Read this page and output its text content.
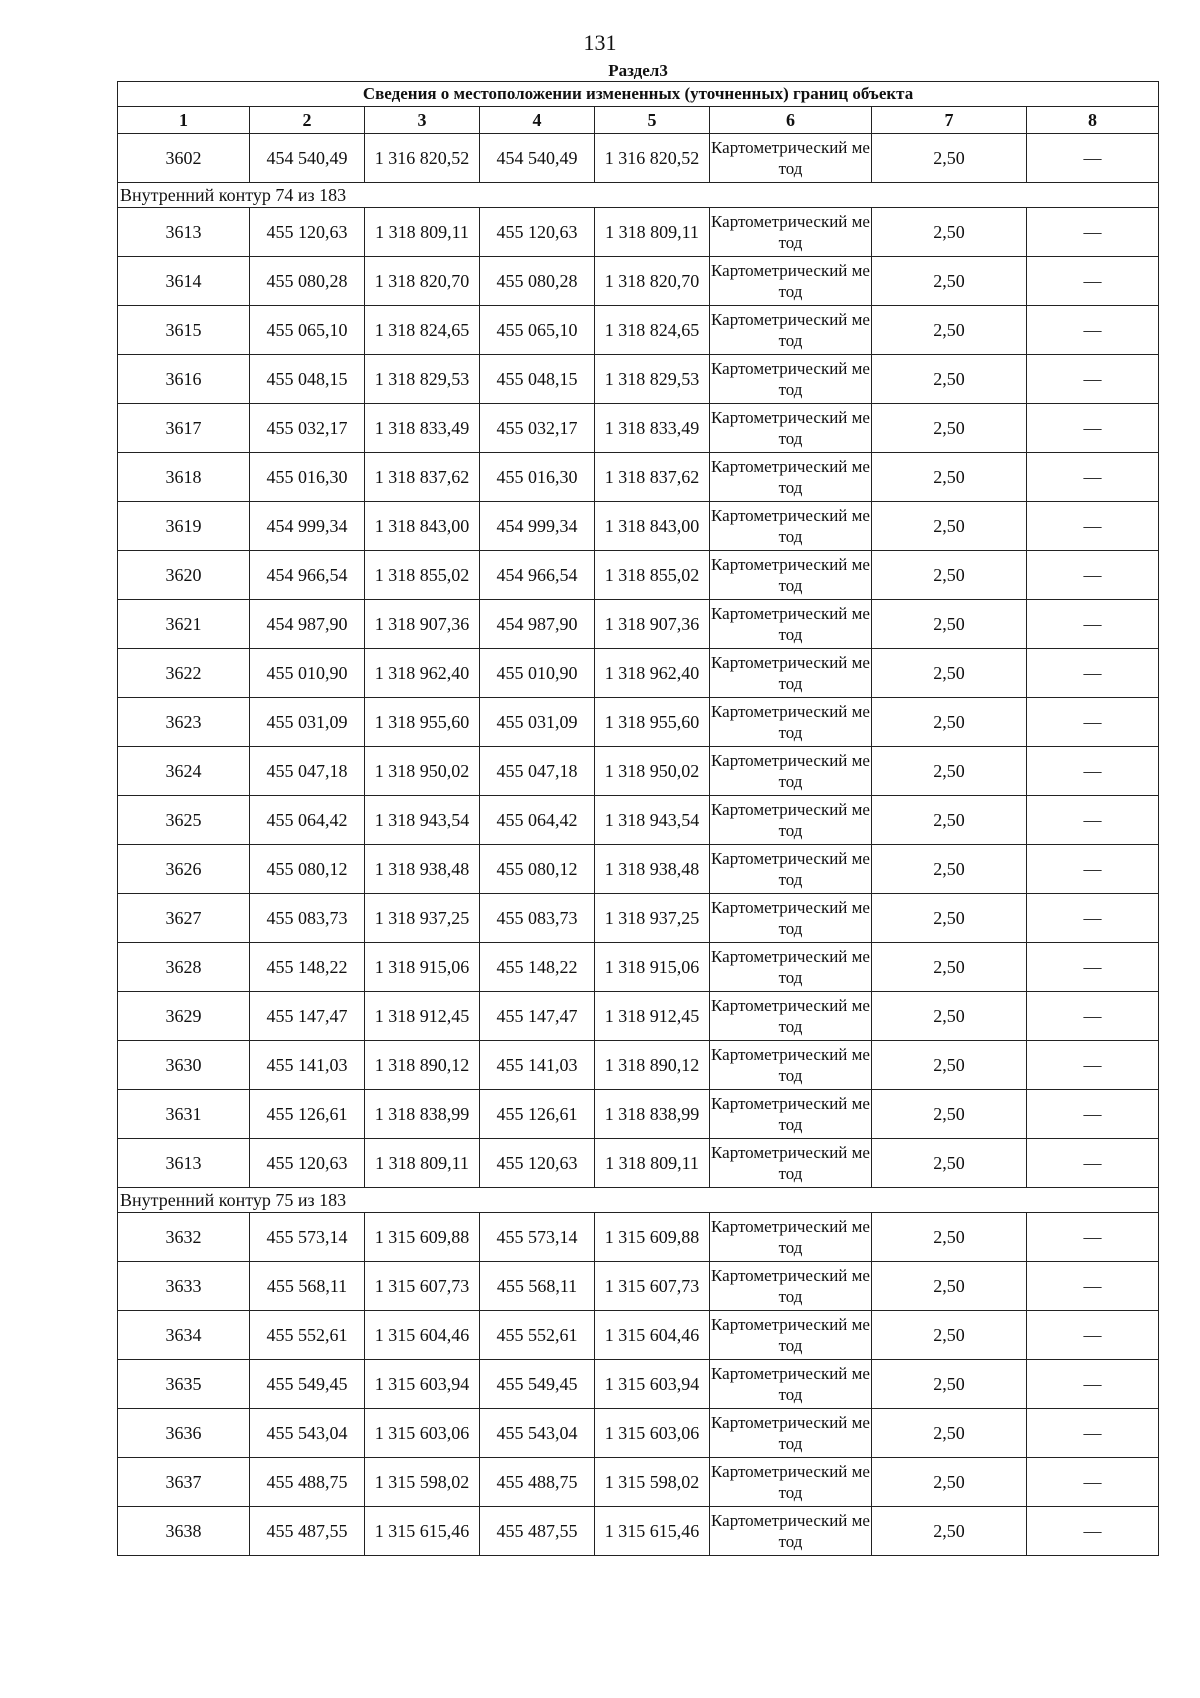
131
Раздел3							
Сведения о местоположении измененных (уточненных) границ объекта							
1	2	3	4	5	6	7	8
3602	454 540,49	1 316 820,52	454 540,49	1 316 820,52	Картометрический метод	2,50	—
Внутренний контур 74 из 183							
3613	455 120,63	1 318 809,11	455 120,63	1 318 809,11	Картометрический метод	2,50	—
3614	455 080,28	1 318 820,70	455 080,28	1 318 820,70	Картометрический метод	2,50	—
3615	455 065,10	1 318 824,65	455 065,10	1 318 824,65	Картометрический метод	2,50	—
3616	455 048,15	1 318 829,53	455 048,15	1 318 829,53	Картометрический метод	2,50	—
3617	455 032,17	1 318 833,49	455 032,17	1 318 833,49	Картометрический метод	2,50	—
3618	455 016,30	1 318 837,62	455 016,30	1 318 837,62	Картометрический метод	2,50	—
3619	454 999,34	1 318 843,00	454 999,34	1 318 843,00	Картометрический метод	2,50	—
3620	454 966,54	1 318 855,02	454 966,54	1 318 855,02	Картометрический метод	2,50	—
3621	454 987,90	1 318 907,36	454 987,90	1 318 907,36	Картометрический метод	2,50	—
3622	455 010,90	1 318 962,40	455 010,90	1 318 962,40	Картометрический метод	2,50	—
3623	455 031,09	1 318 955,60	455 031,09	1 318 955,60	Картометрический метод	2,50	—
3624	455 047,18	1 318 950,02	455 047,18	1 318 950,02	Картометрический метод	2,50	—
3625	455 064,42	1 318 943,54	455 064,42	1 318 943,54	Картометрический метод	2,50	—
3626	455 080,12	1 318 938,48	455 080,12	1 318 938,48	Картометрический метод	2,50	—
3627	455 083,73	1 318 937,25	455 083,73	1 318 937,25	Картометрический метод	2,50	—
3628	455 148,22	1 318 915,06	455 148,22	1 318 915,06	Картометрический метод	2,50	—
3629	455 147,47	1 318 912,45	455 147,47	1 318 912,45	Картометрический метод	2,50	—
3630	455 141,03	1 318 890,12	455 141,03	1 318 890,12	Картометрический метод	2,50	—
3631	455 126,61	1 318 838,99	455 126,61	1 318 838,99	Картометрический метод	2,50	—
3613	455 120,63	1 318 809,11	455 120,63	1 318 809,11	Картометрический метод	2,50	—
Внутренний контур 75 из 183							
3632	455 573,14	1 315 609,88	455 573,14	1 315 609,88	Картометрический метод	2,50	—
3633	455 568,11	1 315 607,73	455 568,11	1 315 607,73	Картометрический метод	2,50	—
3634	455 552,61	1 315 604,46	455 552,61	1 315 604,46	Картометрический метод	2,50	—
3635	455 549,45	1 315 603,94	455 549,45	1 315 603,94	Картометрический метод	2,50	—
3636	455 543,04	1 315 603,06	455 543,04	1 315 603,06	Картометрический метод	2,50	—
3637	455 488,75	1 315 598,02	455 488,75	1 315 598,02	Картометрический метод	2,50	—
3638	455 487,55	1 315 615,46	455 487,55	1 315 615,46	Картометрический метод	2,50	—
